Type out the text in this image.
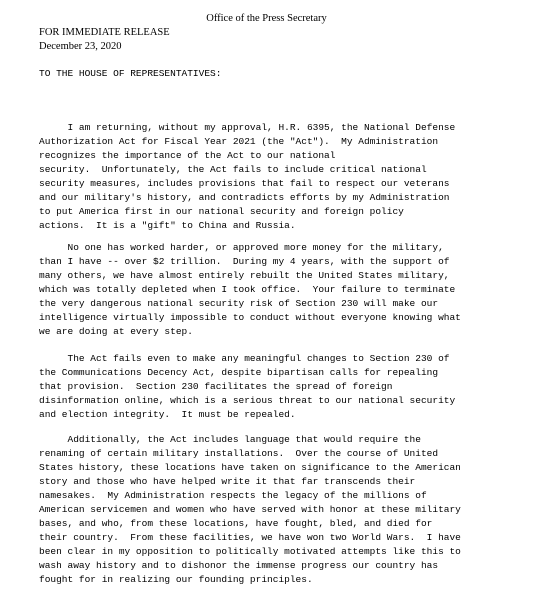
Office of the Press Secretary
FOR IMMEDIATE RELEASE
December 23, 2020
TO THE HOUSE OF REPRESENTATIVES:

I am returning, without my approval, H.R. 6395, the National Defense
Authorization Act for Fiscal Year 2021 (the "Act").  My Administration
recognizes the importance of the Act to our national
security.  Unfortunately, the Act fails to include critical national
security measures, includes provisions that fail to respect our veterans
and our military's history, and contradicts efforts by my Administration
to put America first in our national security and foreign policy
actions.  It is a "gift" to China and Russia.

No one has worked harder, or approved more money for the military,
than I have -- over $2 trillion.  During my 4 years, with the support of
many others, we have almost entirely rebuilt the United States military,
which was totally depleted when I took office.  Your failure to terminate
the very dangerous national security risk of Section 230 will make our
intelligence virtually impossible to conduct without everyone knowing what
we are doing at every step.

The Act fails even to make any meaningful changes to Section 230 of
the Communications Decency Act, despite bipartisan calls for repealing
that provision.  Section 230 facilitates the spread of foreign
disinformation online, which is a serious threat to our national security
and election integrity.  It must be repealed.

Additionally, the Act includes language that would require the
renaming of certain military installations.  Over the course of United
States history, these locations have taken on significance to the American
story and those who have helped write it that far transcends their
namesakes.  My Administration respects the legacy of the millions of
American servicemen and women who have served with honor at these military
bases, and who, from these locations, have fought, bled, and died for
their country.  From these facilities, we have won two World Wars.  I have
been clear in my opposition to politically motivated attempts like this to
wash away history and to dishonor the immense progress our country has
fought for in realizing our founding principles.
